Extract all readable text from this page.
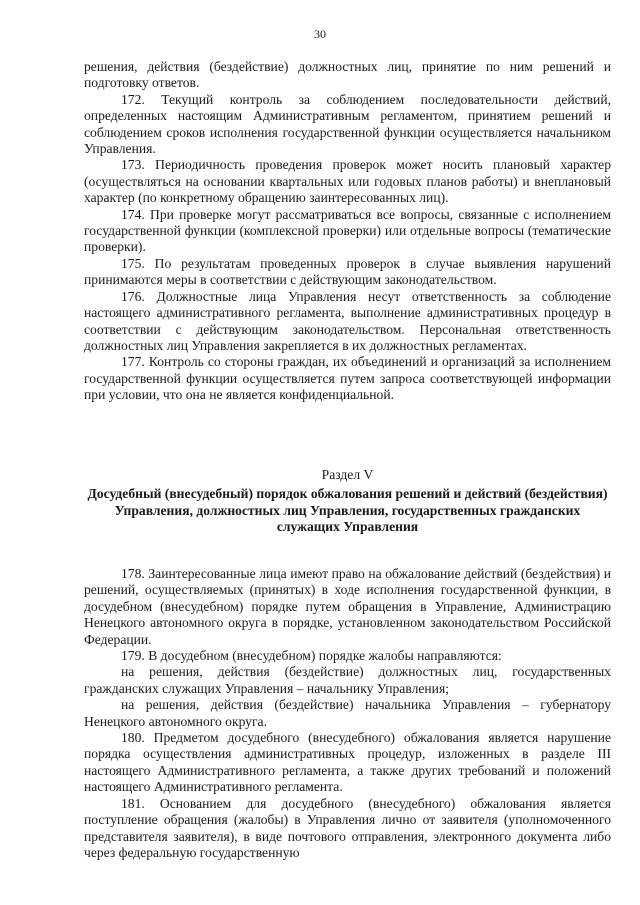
30

решения, действия (бездействие) должностных лиц, принятие по ним решений и подготовку ответов.

172. Текущий контроль за соблюдением последовательности действий, определенных настоящим Административным регламентом, принятием решений и соблюдением сроков исполнения государственной функции осуществляется начальником Управления.

173. Периодичность проведения проверок может носить плановый характер (осуществляться на основании квартальных или годовых планов работы) и внеплановый характер (по конкретному обращению заинтересованных лиц).

174. При проверке могут рассматриваться все вопросы, связанные с исполнением государственной функции (комплексной проверки) или отдельные вопросы (тематические проверки).

175. По результатам проведенных проверок в случае выявления нарушений принимаются меры в соответствии с действующим законодательством.

176. Должностные лица Управления несут ответственность за соблюдение настоящего административного регламента, выполнение административных процедур в соответствии с действующим законодательством. Персональная ответственность должностных лиц Управления закрепляется в их должностных регламентах.

177. Контроль со стороны граждан, их объединений и организаций за исполнением государственной функции осуществляется путем запроса соответствующей информации при условии, что она не является конфиденциальной.

Раздел V
Досудебный (внесудебный) порядок обжалования решений и действий (бездействия) Управления, должностных лиц Управления, государственных гражданских служащих Управления

178. Заинтересованные лица имеют право на обжалование действий (бездействия) и решений, осуществляемых (принятых) в ходе исполнения государственной функции, в досудебном (внесудебном) порядке путем обращения в Управление, Администрацию Ненецкого автономного округа в порядке, установленном законодательством Российской Федерации.

179. В досудебном (внесудебном) порядке жалобы направляются:

на решения, действия (бездействие) должностных лиц, государственных гражданских служащих Управления – начальнику Управления;

на решения, действия (бездействие) начальника Управления – губернатору Ненецкого автономного округа.

180. Предметом досудебного (внесудебного) обжалования является нарушение порядка осуществления административных процедур, изложенных в разделе III настоящего Административного регламента, а также других требований и положений настоящего Административного регламента.

181. Основанием для досудебного (внесудебного) обжалования является поступление обращения (жалобы) в Управления лично от заявителя (уполномоченного представителя заявителя), в виде почтового отправления, электронного документа либо через федеральную государственную
